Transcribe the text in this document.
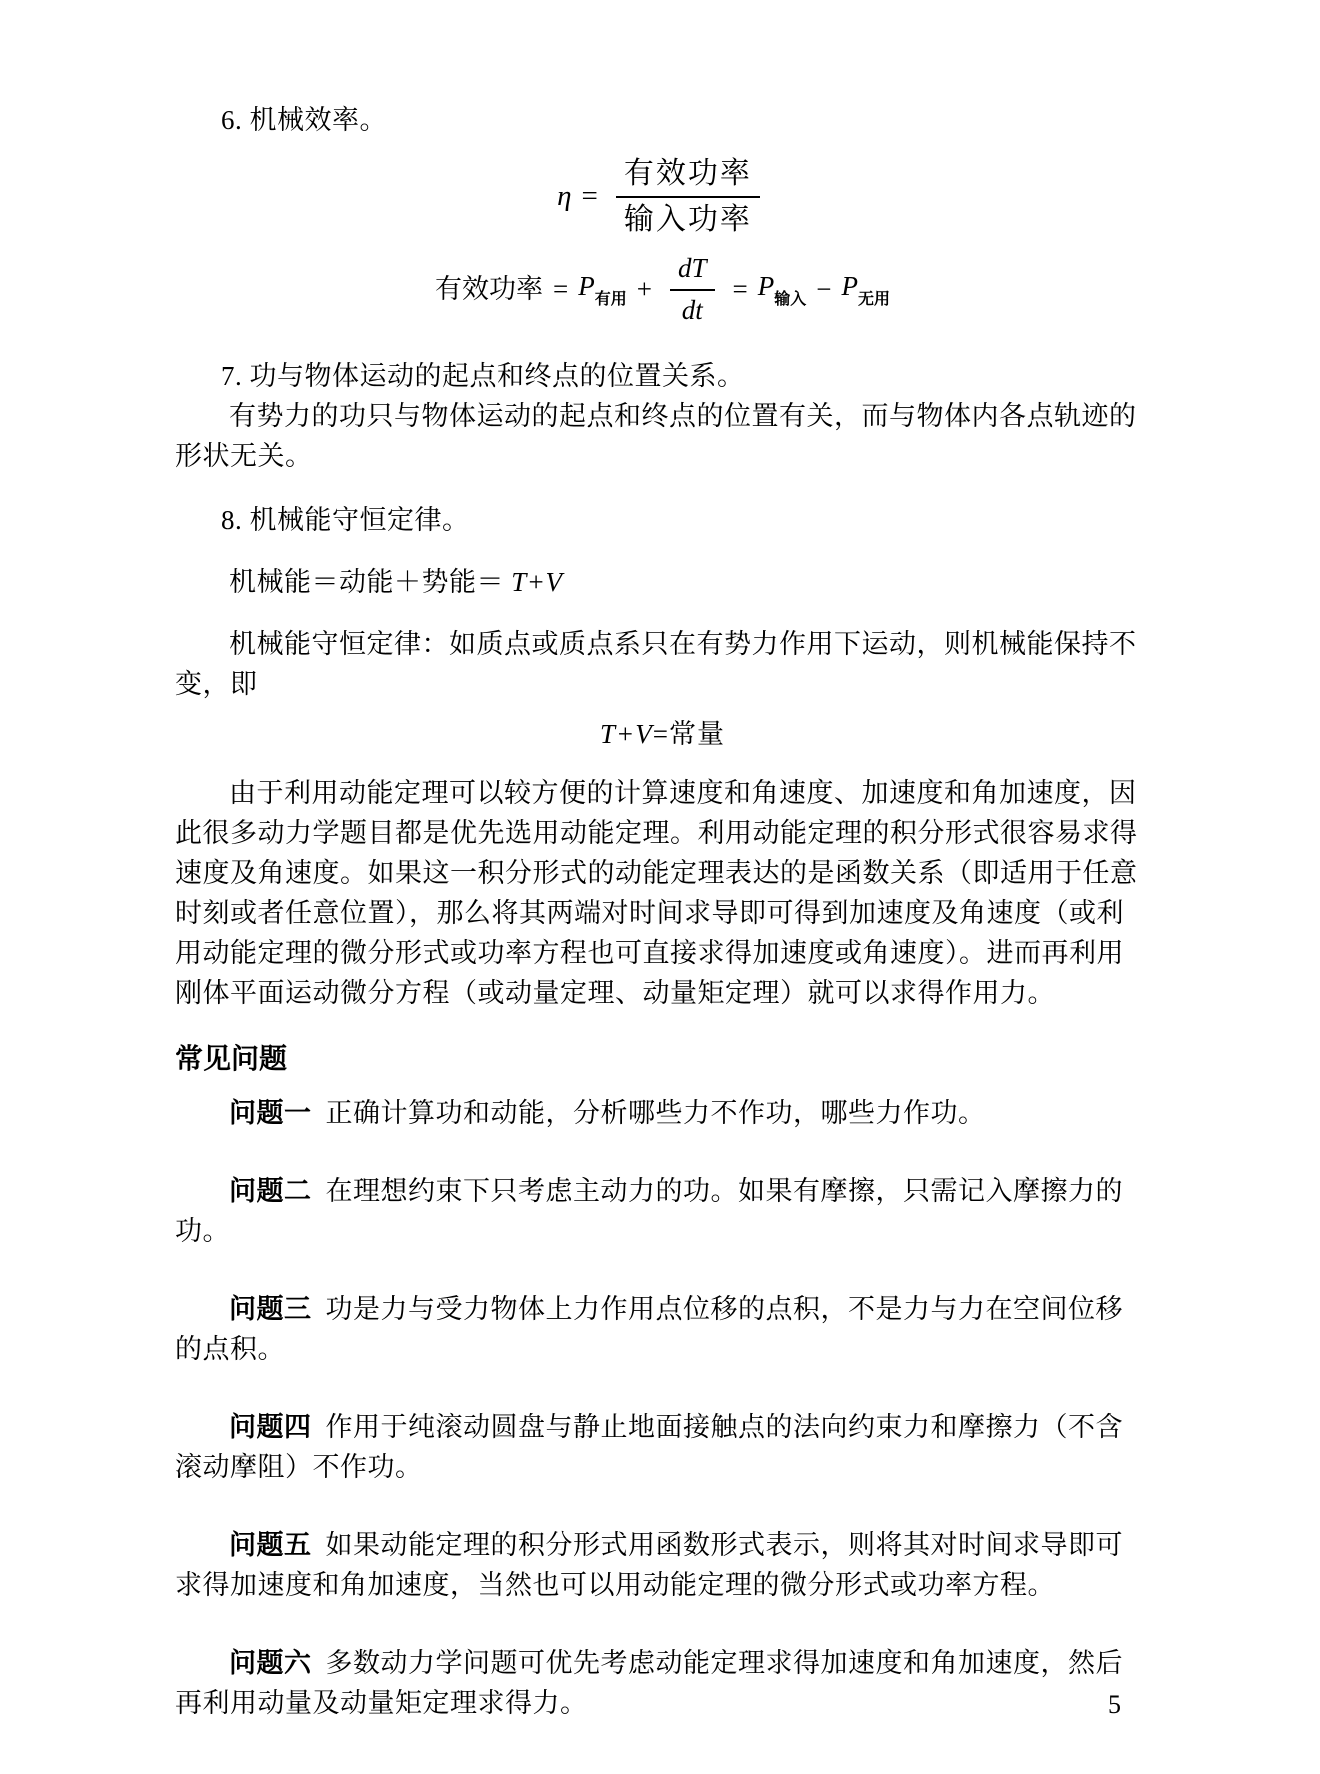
6. 机械效率。
$\eta = \frac{\text{有效功率}}{\text{输入功率}}$
有效功率 = $P_{有用} + \frac{dT}{dt} = P_{输入} - P_{无用}$
7. 功与物体运动的起点和终点的位置关系。
有势力的功只与物体运动的起点和终点的位置有关，而与物体内各点轨迹的
形状无关。
8. 机械能守恒定律。
机械能＝动能＋势能＝ T+V
机械能守恒定律：如质点或质点系只在有势力作用下运动，则机械能保持不
变，即
T+V =常量
由于利用动能定理可以较方便的计算速度和角速度、加速度和角加速度，因
此很多动力学题目都是优先选用动能定理。利用动能定理的积分形式很容易求得
速度及角速度。如果这一积分形式的动能定理表达的是函数关系（即适用于任意
时刻或者任意位置），那么将其两端对时间求导即可得到加速度及角速度（或利
用动能定理的微分形式或功率方程也可直接求得加速度或角速度）。进而再利用
刚体平面运动微分方程（或动量定理、动量矩定理）就可以求得作用力。
常见问题
问题一 正确计算功和动能，分析哪些力不作功，哪些力作功。
问题二 在理想约束下只考虑主动力的功。如果有摩擦，只需记入摩擦力的
功。
问题三 功是力与受力物体上力作用点位移的点积，不是力与力在空间位移
的点积。
问题四 作用于纯滚动圆盘与静止地面接触点的法向约束力和摩擦力（不含
滚动摩阻）不作功。
问题五 如果动能定理的积分形式用函数形式表示，则将其对时间求导即可
求得加速度和角加速度，当然也可以用动能定理的微分形式或功率方程。
问题六 多数动力学问题可优先考虑动能定理求得加速度和角加速度，然后
再利用动量及动量矩定理求得力。	5
